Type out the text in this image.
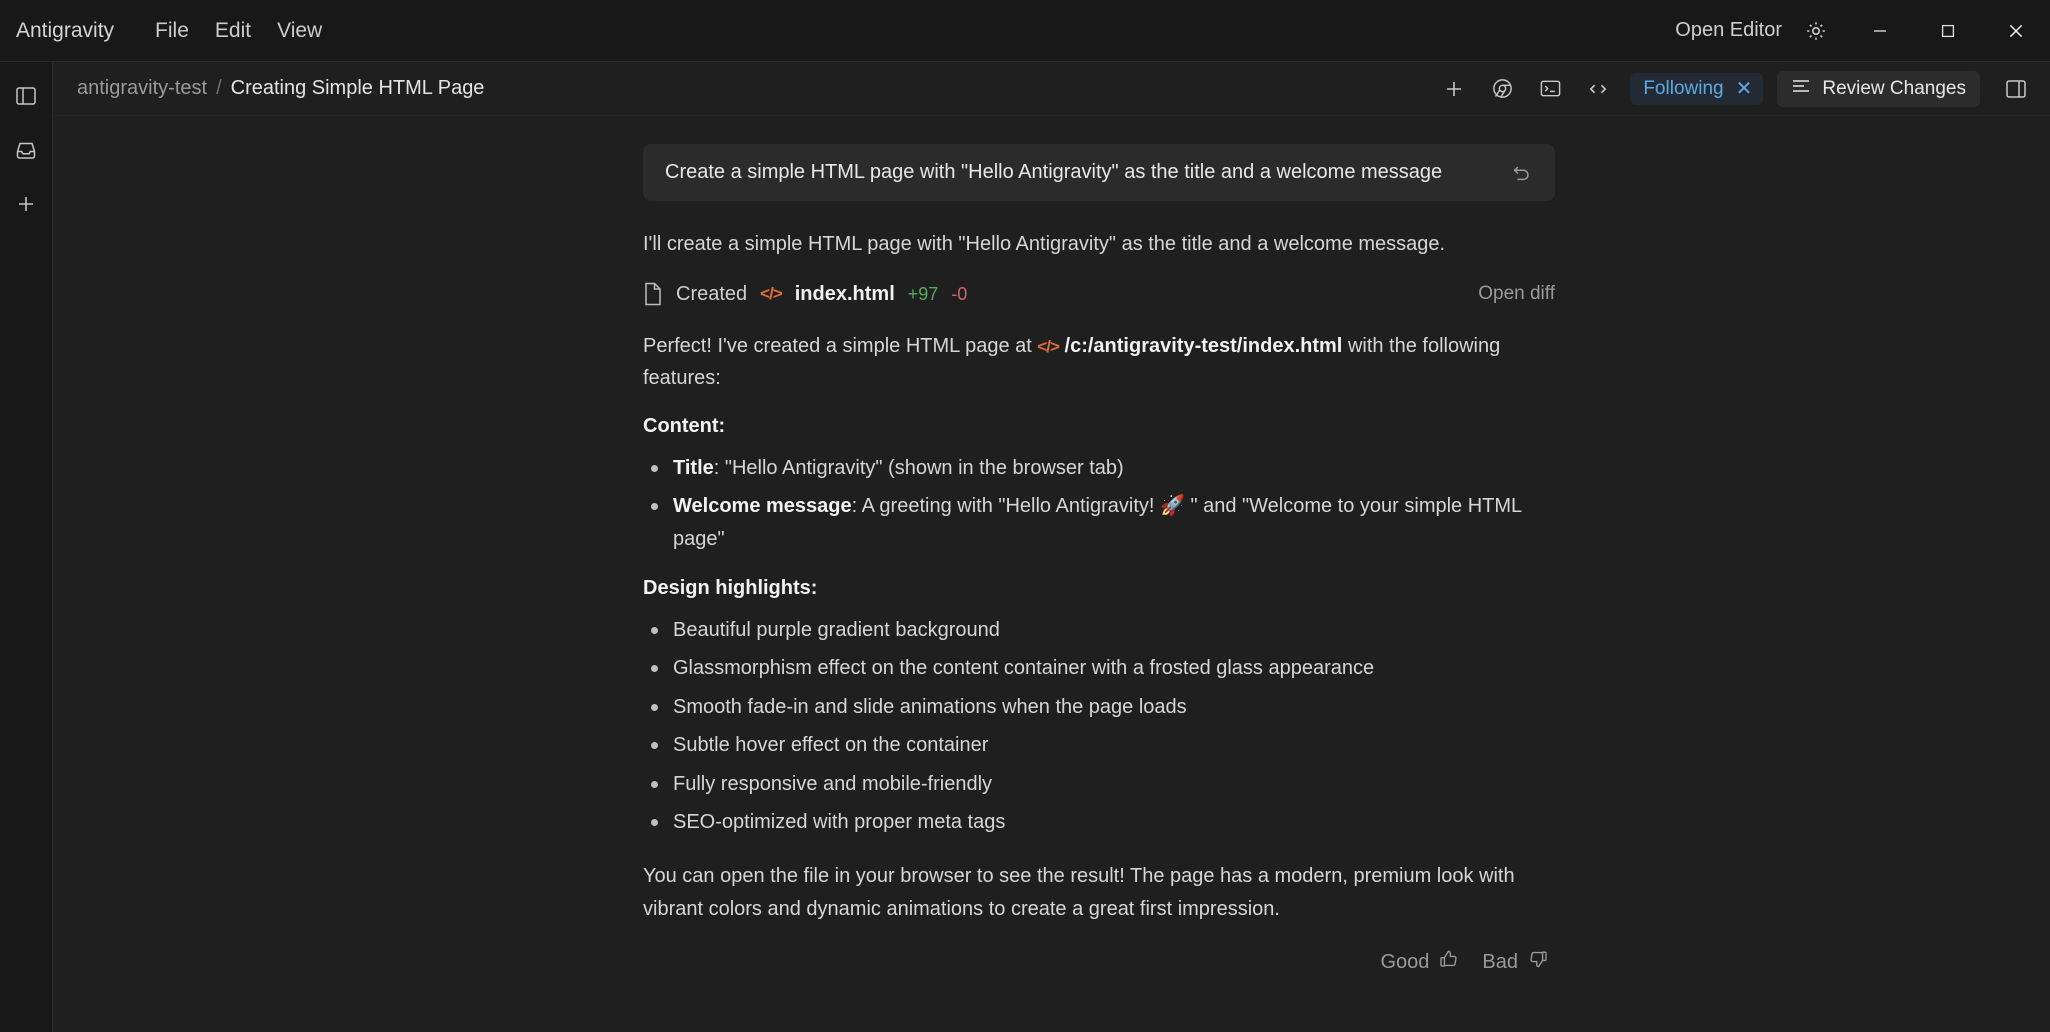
Antigravity	File	Edit	View	Open Editor
antigravity-test / Creating Simple HTML Page	Following ✕	Review Changes
Create a simple HTML page with "Hello Antigravity" as the title and a welcome message

I'll create a simple HTML page with "Hello Antigravity" as the title and a welcome message.

Created </> index.html +97 -0	Open diff

Perfect! I've created a simple HTML page at </> /c:/antigravity-test/index.html with the following features:

Content:

Title: "Hello Antigravity" (shown in the browser tab)
Welcome message: A greeting with "Hello Antigravity! 🚀 " and "Welcome to your simple HTML page"

Design highlights:

Beautiful purple gradient background
Glassmorphism effect on the content container with a frosted glass appearance
Smooth fade-in and slide animations when the page loads
Subtle hover effect on the container
Fully responsive and mobile-friendly
SEO-optimized with proper meta tags

You can open the file in your browser to see the result! The page has a modern, premium look with vibrant colors and dynamic animations to create a great first impression.

Good	Bad
